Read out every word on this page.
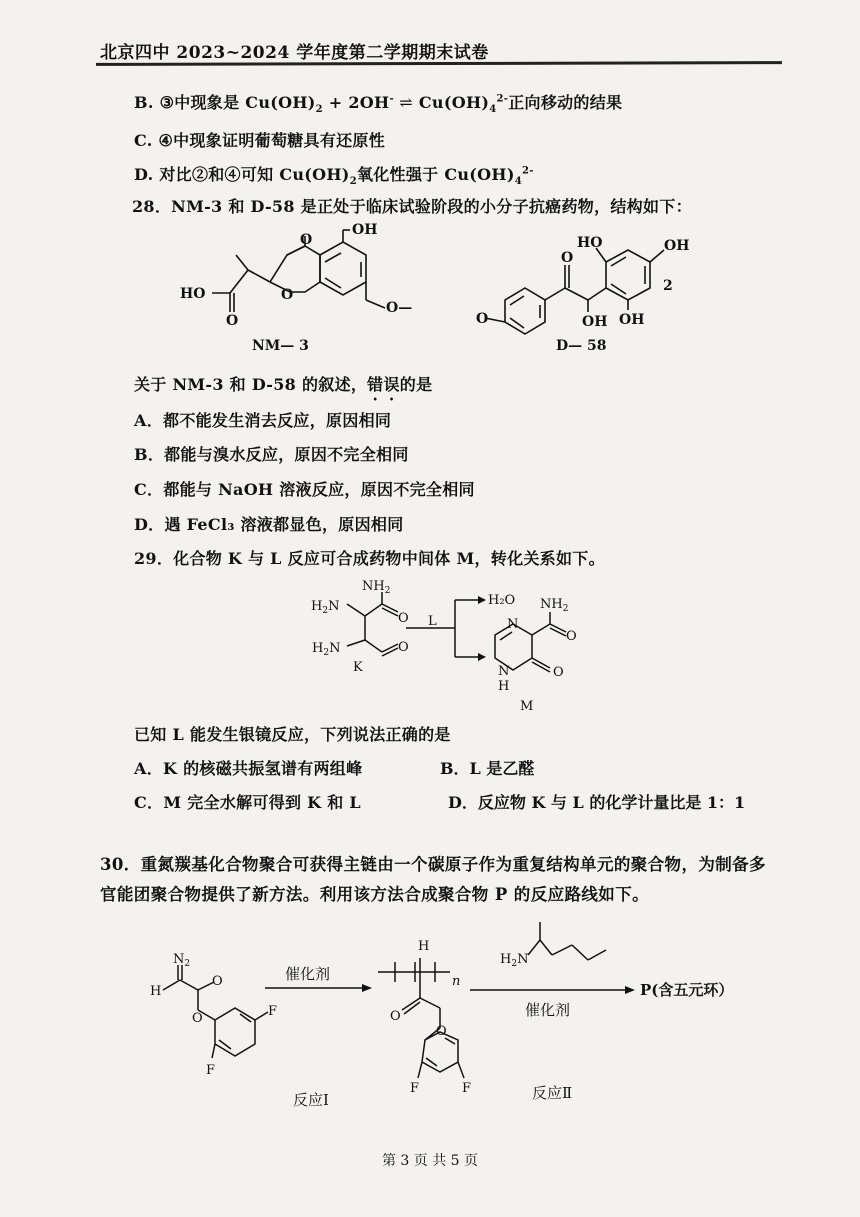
北京四中 2023~2024 学年度第二学期期末试卷
B. ③中现象是 $Cu(OH)_2 + 2OH^-$ ⇌ $Cu(OH)_4^{2-}$正向移动的结果
C. ④中现象证明葡萄糖具有还原性
D. 对比②和④可知 $Cu(OH)_2$氧化性强于 $Cu(OH)_4^{2-}$
28．NM-3 和 D-58 是正处于临床试验阶段的小分子抗癌药物，结构如下：
O
O
OH
O—
HO
O
NM— 3
O
O
OH
HO	OH
OH
2
D— 58
$NH_2$
$H_2N$
O
$H_2N$	O
K
L
H₂O $NH_2$
N
O
N
H
O
M
$N_2$
H
O
O	F
F
H
n
O
O
F	F
$H_2N$
催化剂
催化剂
P(含五元环）
反应Ⅰ	反应Ⅱ
关于 NM-3 和 D-58 的叙述，错误的是
A．都不能发生消去反应，原因相同
B．都能与溴水反应，原因不完全相同
C．都能与 NaOH 溶液反应，原因不完全相同
D．遇 FeCl₃ 溶液都显色，原因相同
29．化合物 K 与 L 反应可合成药物中间体 M，转化关系如下。
已知 L 能发生银镜反应，下列说法正确的是
A．K 的核磁共振氢谱有两组峰	B．L 是乙醛
C．M 完全水解可得到 K 和 L	D．反应物 K 与 L 的化学计量比是 1：1
30．重氮羰基化合物聚合可获得主链由一个碳原子作为重复结构单元的聚合物，为制备多官能团聚合物提供了新方法。利用该方法合成聚合物 P 的反应路线如下。
第 3 页 共 5 页
